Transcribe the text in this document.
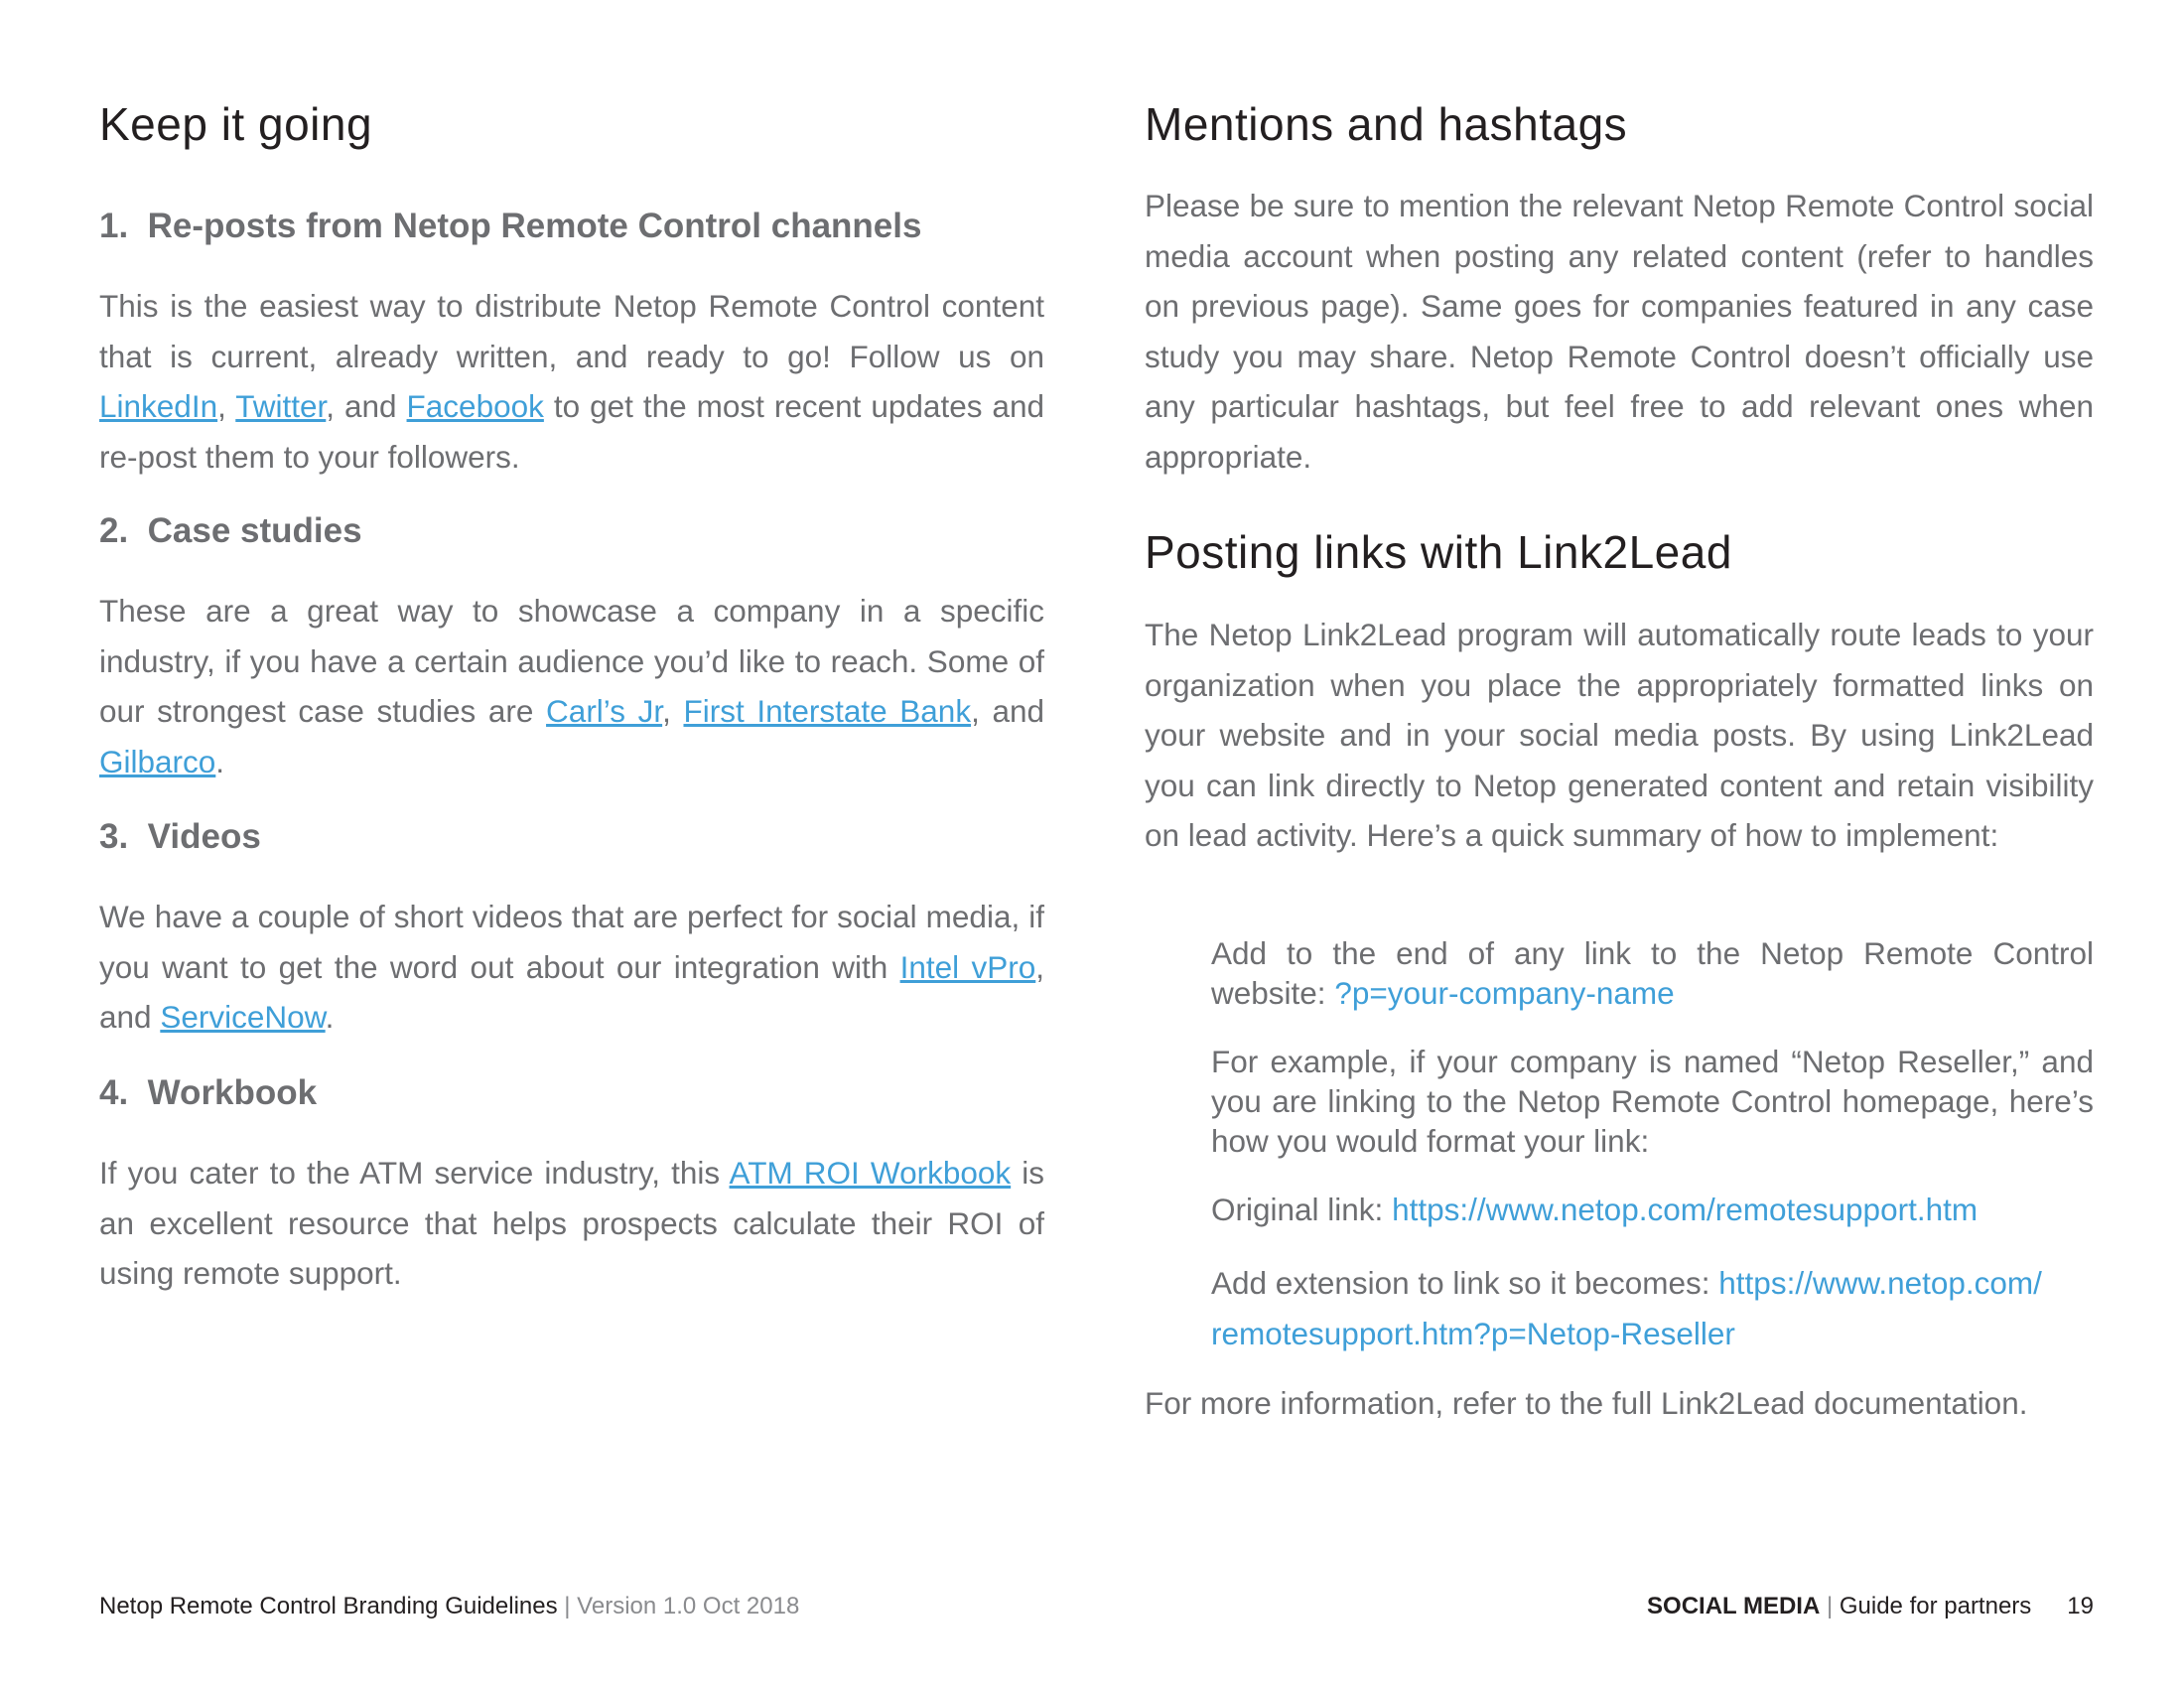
Keep it going
1. Re-posts from Netop Remote Control channels

This is the easiest way to distribute Netop Remote Control content that is current, already written, and ready to go! Follow us on LinkedIn, Twitter, and Facebook to get the most recent updates and re-post them to your followers.

2. Case studies

These are a great way to showcase a company in a specific industry, if you have a certain audience you’d like to reach. Some of our strongest case studies are Carl’s Jr, First Interstate Bank, and Gilbarco.

3. Videos

We have a couple of short videos that are perfect for social media, if you want to get the word out about our integration with Intel vPro, and ServiceNow.

4. Workbook

If you cater to the ATM service industry, this ATM ROI Workbook is an excellent resource that helps prospects calculate their ROI of using remote support.

Mentions and hashtags

Please be sure to mention the relevant Netop Remote Control social media account when posting any related content (refer to handles on previous page). Same goes for companies featured in any case study you may share. Netop Remote Control doesn’t officially use any particular hashtags, but feel free to add relevant ones when appropriate.

Posting links with Link2Lead

The Netop Link2Lead program will automatically route leads to your organization when you place the appropriately formatted links on your website and in your social media posts. By using Link2Lead you can link directly to Netop generated content and retain visibility on lead activity. Here’s a quick summary of how to implement:

Add to the end of any link to the Netop Remote Control website: ?p=your-company-name

For example, if your company is named “Netop Reseller,” and you are linking to the Netop Remote Control homepage, here’s how you would format your link:

Original link: https://www.netop.com/remotesupport.htm

Add extension to link so it becomes: https://www.netop.com/
remotesupport.htm?p=Netop-Reseller

For more information, refer to the full Link2Lead documentation.

Netop Remote Control Branding Guidelines | Version 1.0 Oct 2018	SOCIAL MEDIA | Guide for partners 19
